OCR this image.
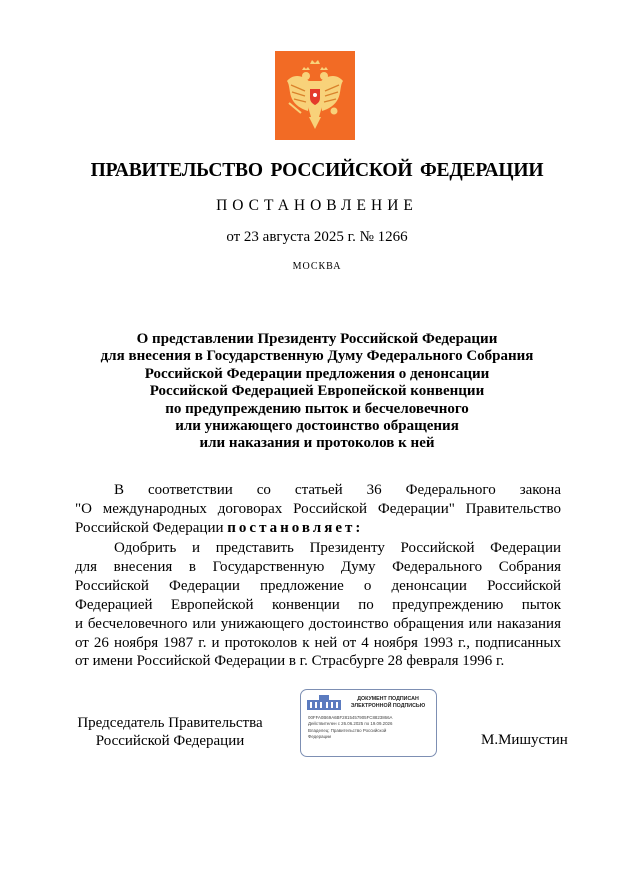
ПРАВИТЕЛЬСТВО РОССИЙСКОЙ ФЕДЕРАЦИИ
ПОСТАНОВЛЕНИЕ
от 23 августа 2025 г. № 1266
МОСКВА
О представлении Президенту Российской Федерации
для внесения в Государственную Думу Федерального Собрания
Российской Федерации предложения о денонсации
Российской Федерацией Европейской конвенции
по предупреждению пыток и бесчеловечного
или унижающего достоинство обращения
или наказания и протоколов к ней
В соответствии со статьей 36 Федерального закона
"О международных договорах Российской Федерации" Правительство
Российской Федерации постановляет:
Одобрить и представить Президенту Российской Федерации
для внесения в Государственную Думу Федерального Собрания
Российской Федерации предложение о денонсации Российской
Федерацией Европейской конвенции по предупреждению пыток
и бесчеловечного или унижающего достоинство обращения или наказания
от 26 ноября 1987 г. и протоколов к ней от 4 ноября 1993 г., подписанных
от имени Российской Федерации в г. Страсбурге 28 февраля 1996 г.
Председатель Правительства
Российской Федерации
ДОКУМЕНТ ПОДПИСАН
ЭЛЕКТРОННОЙ ПОДПИСЬЮ
00FFA0B69A6BF2815457905FC8823866A
Действителен с 26.06.2025 по 19.09.2026
Владелец: Правительство Российской
Федерации	М.Мишустин
